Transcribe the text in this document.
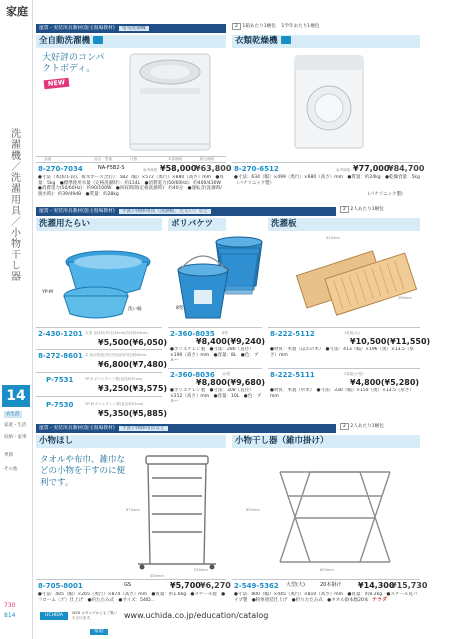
家庭
洗濯機／洗濯用具／小物干し器
14
衣生活
家庭・生活
収納・家事
季節
その他
730
814
運賃・実装用具教材(施主現場教材) 電気洗濯機
全自動洗濯機
大好評のコンパクトボディ。
NEW
品番	品名・型番	仕様	本体価格	税込価格
8-270-7034	NA-F5B2-S	参考価格 ¥58,000
¥63,800
●寸法（本体(1-段)、排水ホース含む）：582（幅）×572（奥行）×880（高さ）mm　●質量：5kg　●標準使用水量（定格洗濯時）：約114L　●消費電力(50/60Hz)：約400/430W　●消費電力(50/60Hz)：約90/100W　●回収時間(定格洗濯時)：約40分　●運転音(洗濯時/脱水時)：約39/49dB　●質量：約28kg
2 1箱あたり1梱包 1学年あたり1梱包
衣類乾燥機
8-270-6512	参考価格 ¥77,000
¥84,700
●寸法：634（幅）×499（奥行）×680（高さ）mm　●質量：約24kg　●乾燥容量：5kg（パナソニック製）
(パナソニック製)
運賃・実装用具教材(施主現場教材) 手洗い関係用具（洗濯板、たらい）など	2 2人あたり1梱包
洗濯用たらい
YP-M
洗い桶
2-430-1201 丸型 直径約(外径)54cm(内径約40cm)
¥5,500(¥6,050)
8-272-8601 丸 約(1枚組)円(外径)約(内径)約60cm
¥6,800(¥7,480)
P-7531	YP-S ポリエチレン製(直径約47cm)
¥3,250(¥3,575)
P-7530	YP-M ポリエチレン製(直径約51cm)
¥5,350(¥5,885)
ポリバケツ
8型
2-360-8035 8型
¥8,400(¥9,240)
●ポリエチレン製　●寸法：286（直径）×196（高さ）mm　●容量：8L　●色：ブルー
2-360-8036 10型
¥8,800(¥9,680)
●ポリエチレン製　●寸法：308（直径）×212（高さ）mm　●容量：10L　●色：ブルー
洗濯板
415mm
260mm
8-222-5112	1枚組(大)
¥10,500(¥11,550)
●材質：木製（ほおの木）　●寸法：413（幅）×196（奥）×13.5（厚さ）mm
8-222-5111	2枚組(小型)
¥4,800(¥5,280)
●材質：木製（杉木）　●寸法：330（幅）×150（奥）×13.5（厚さ）mm
運賃・実装用具教材(施主現場教材) 手洗い関係用具など	2 2人あたり1梱包
小物ほし
タオルや布巾、雑巾などの小物を干すのに便利です。
874mm
405mm
535mm
8-705-8001	GS	¥5,700 ¥6,270
●寸法：405（幅）×265（奥行）×874（高さ）mm　●質量：約1.6kg　●スチール製　●フローム〈ゲ〉仕上げ　●約たたみ式　●サイズ：54ID...
小物干し器（雑巾掛け）
850mm
805mm
2-549-5362 大型(大)	20本掛け ¥14,300
¥15,730
●寸法：800（幅）×445（奥行）×810（高さ）mm　●質量：約8.2kg　●スチール丸パイプ製　●粉体塗装仕上げ　●折りたたみ式　●タオル掛本数20本 テラダ
UCHIDA	WEB カタログからもご覧いただけます。	www.uchida.co.jp/education/catalog
家庭
